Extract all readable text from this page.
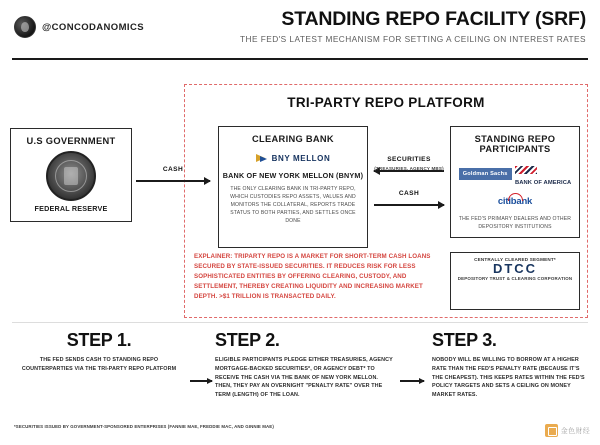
@CONCODANOMICS	STANDING REPO FACILITY (SRF)
THE FED'S LATEST MECHANISM FOR SETTING A CEILING ON INTEREST RATES
U.S GOVERNMENT
FEDERAL RESERVE
TRI-PARTY REPO PLATFORM
CLEARING BANK
BNY MELLON
BANK OF NEW YORK MELLON (BNYM)
THE ONLY CLEARING BANK IN TRI-PARTY REPO, WHICH CUSTODIES REPO ASSETS, VALUES AND MONITORS THE COLLATERAL, REPORTS TRADE STATUS TO BOTH PARTIES, AND SETTLES ONCE DONE
STANDING REPO PARTICIPANTS
Goldman Sachs
BANK OF AMERICA
citibank
THE FED'S PRIMARY DEALERS AND OTHER DEPOSITORY INSTITUTIONS
CENTRALLY CLEARED SEGMENT*
DTCC
DEPOSITORY TRUST & CLEARING CORPORATION
EXPLAINER: TRIPARTY REPO IS A MARKET FOR SHORT-TERM CASH LOANS SECURED BY STATE-ISSUED SECURITIES. IT REDUCES RISK FOR LESS SOPHISTICATED ENTITIES BY OFFERING CLEARING, CUSTODY, AND SETTLEMENT, THEREBY CREATING LIQUIDITY AND INCREASING MARKET DEPTH. >$1 TRILLION IS TRANSACTED DAILY.
CASH
SECURITIES
(TREASURIES, AGENCY MBS)
CASH
STEP 1.
THE FED SENDS CASH TO STANDING REPO COUNTERPARTIES VIA THE TRI-PARTY REPO PLATFORM
STEP 2.
ELIGIBLE PARTICIPANTS PLEDGE EITHER TREASURIES, AGENCY MORTGAGE-BACKED SECURITIES*, OR AGENCY DEBT* TO RECEIVE THE CASH VIA THE BANK OF NEW YORK MELLON. THEN, THEY PAY AN OVERNIGHT "PENALTY RATE" OVER THE TERM (LENGTH) OF THE LOAN.
STEP 3.
NOBODY WILL BE WILLING TO BORROW AT A HIGHER RATE THAN THE FED'S PENALTY RATE (BECAUSE IT'S THE CHEAPEST). THIS KEEPS RATES WITHIN THE FED'S POLICY TARGETS AND SETS A CEILING ON MONEY MARKET RATES.
*SECURITIES ISSUED BY GOVERNMENT-SPONSORED ENTERPRISES (FANNIE MAE, FREDDIE MAC, AND GINNIE MAE)
金色财经
